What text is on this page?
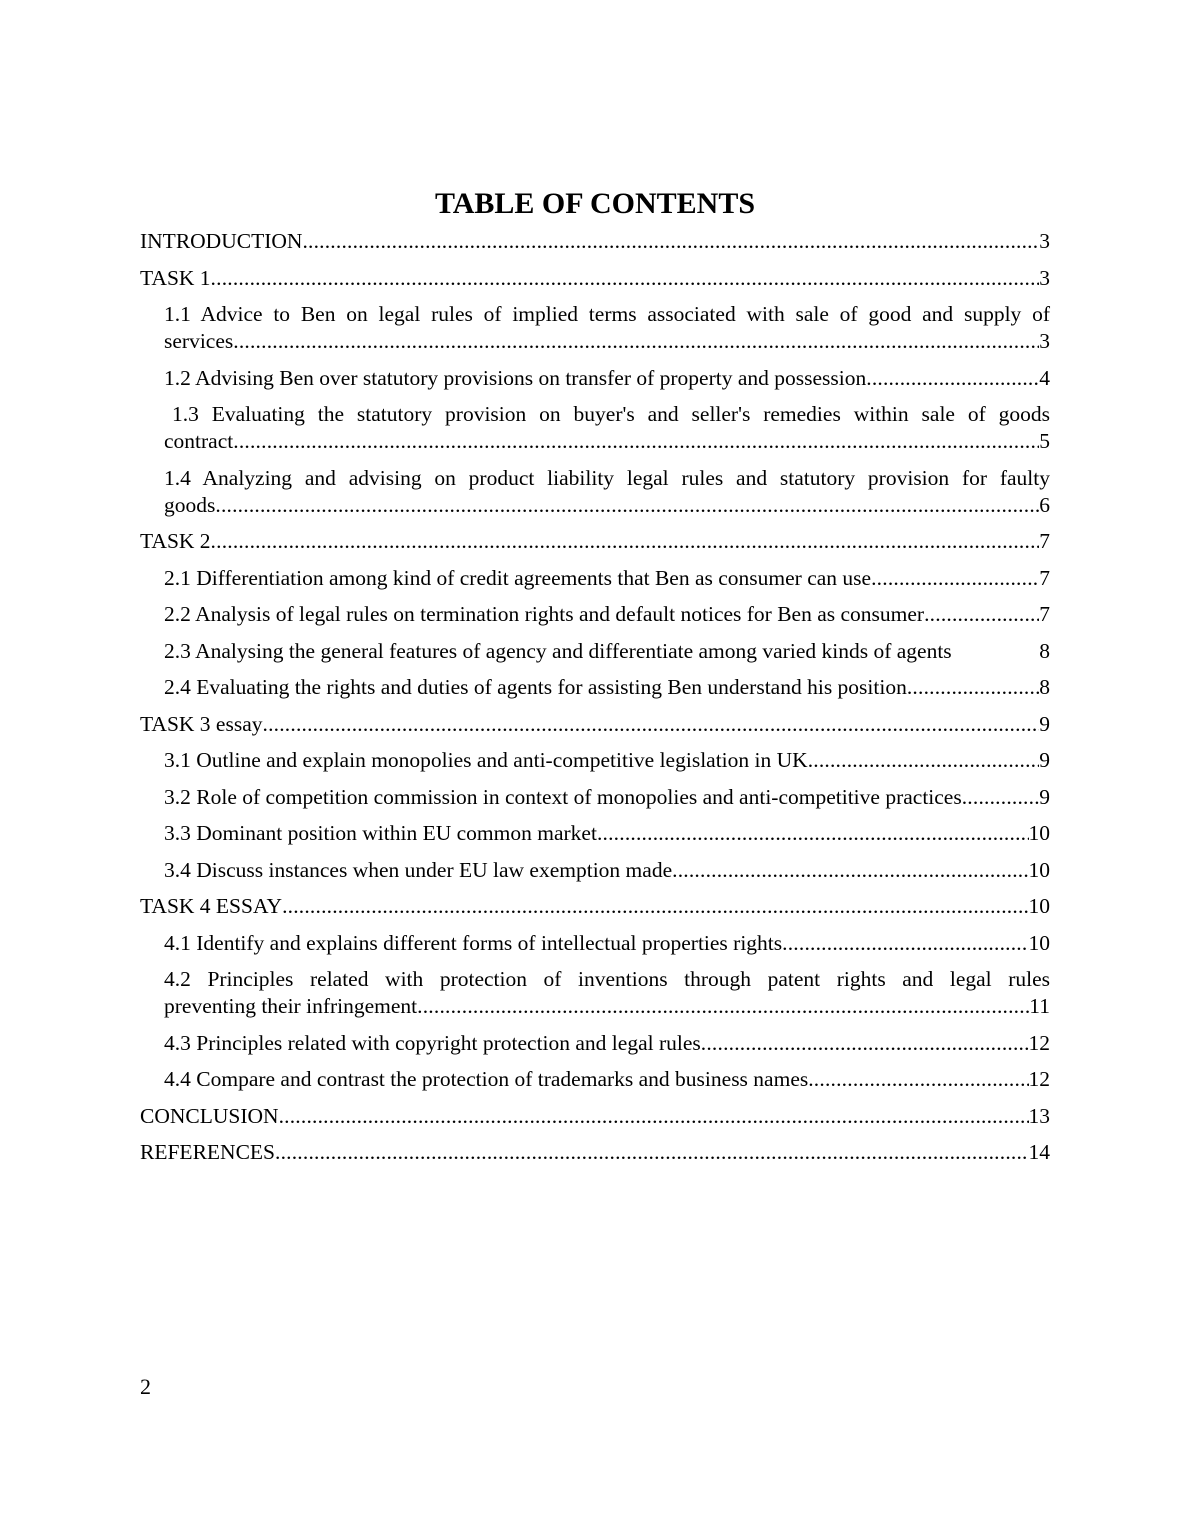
TABLE OF CONTENTS
INTRODUCTION .....	3
TASK 1 .....	3
1.1 Advice to Ben on legal rules of implied terms associated with sale of good and supply of
services .....	3
1.2 Advising Ben over statutory provisions on transfer of property and possession .....	4
1.3 Evaluating the statutory provision on buyer's and seller's remedies within sale of goods
contract .....	5
1.4 Analyzing and advising on product liability legal rules and statutory provision for faulty
goods .....	6
TASK 2 .....	7
2.1 Differentiation among kind of credit agreements that Ben as consumer can use .....	7
2.2 Analysis of legal rules on termination rights and default notices for Ben as consumer .....	7
2.3 Analysing the general features of agency and differentiate among varied kinds of agents	8
2.4 Evaluating the rights and duties of agents for assisting Ben understand his position .....	8
TASK 3 essay .....	9
3.1 Outline and explain monopolies and anti-competitive legislation in UK .....	9
3.2 Role of competition commission in context of monopolies and anti-competitive practices .....	9
3.3 Dominant position within EU common market .....	10
3.4 Discuss instances when under EU law exemption made .....	10
TASK 4 ESSAY .....	10
4.1 Identify and explains different forms of intellectual properties rights .....	10
4.2 Principles related with protection of inventions through patent rights and legal rules
preventing their infringement .....	11
4.3 Principles related with copyright protection and legal rules .....	12
4.4 Compare and contrast the protection of trademarks and business names .....	12
CONCLUSION .....	13
REFERENCES .....	14

2
